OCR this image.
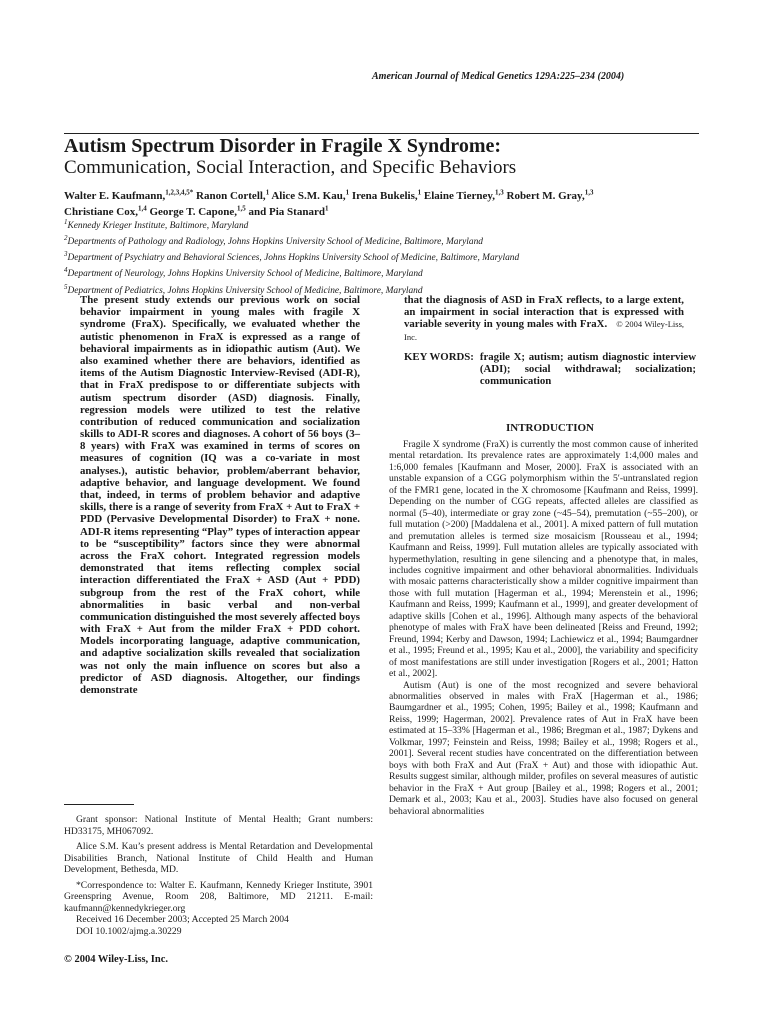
American Journal of Medical Genetics 129A:225–234 (2004)
Autism Spectrum Disorder in Fragile X Syndrome:
Communication, Social Interaction, and Specific Behaviors
Walter E. Kaufmann,$^{1,2,3,4,5*}$ Ranon Cortell,$^1$ Alice S.M. Kau,$^1$ Irena Bukelis,$^1$ Elaine Tierney,$^{1,3}$ Robert M. Gray,$^{1,3}$
Christiane Cox,$^{1,4}$ George T. Capone,$^{1,5}$ and Pia Stanard$^1$
$^1$Kennedy Krieger Institute, Baltimore, Maryland
$^2$Departments of Pathology and Radiology, Johns Hopkins University School of Medicine, Baltimore, Maryland
$^3$Department of Psychiatry and Behavioral Sciences, Johns Hopkins University School of Medicine, Baltimore, Maryland
$^4$Department of Neurology, Johns Hopkins University School of Medicine, Baltimore, Maryland
$^5$Department of Pediatrics, Johns Hopkins University School of Medicine, Baltimore, Maryland
The present study extends our previous work on social behavior impairment in young males with fragile X syndrome (FraX). Specifically, we evaluated whether the autistic phenomenon in FraX is expressed as a range of behavioral impairments as in idiopathic autism (Aut). We also examined whether there are behaviors, identified as items of the Autism Diagnostic Interview-Revised (ADI-R), that in FraX predispose to or differentiate subjects with autism spectrum disorder (ASD) diagnosis. Finally, regression models were utilized to test the relative contribution of reduced communication and socialization skills to ADI-R scores and diagnoses. A cohort of 56 boys (3–8 years) with FraX was examined in terms of scores on measures of cognition (IQ was a co-variate in most analyses.), autistic behavior, problem/aberrant behavior, adaptive behavior, and language development. We found that, indeed, in terms of problem behavior and adaptive skills, there is a range of severity from FraX + Aut to FraX + PDD (Pervasive Developmental Disorder) to FraX + none. ADI-R items representing “Play” types of interaction appear to be “susceptibility” factors since they were abnormal across the FraX cohort. Integrated regression models demonstrated that items reflecting complex social interaction differentiated the FraX + ASD (Aut + PDD) subgroup from the rest of the FraX cohort, while abnormalities in basic verbal and non-verbal communication distinguished the most severely affected boys with FraX + Aut from the milder FraX + PDD cohort. Models incorporating language, adaptive communication, and adaptive socialization skills revealed that socialization was not only the main influence on scores but also a predictor of ASD diagnosis. Altogether, our findings demonstrate
that the diagnosis of ASD in FraX reflects, to a large extent, an impairment in social interaction that is expressed with variable severity in young males with FraX. © 2004 Wiley-Liss, Inc.
KEY WORDS:	fragile X; autism; autism diagnostic interview (ADI); social withdrawal; socialization; communication
INTRODUCTION

Fragile X syndrome (FraX) is currently the most common cause of inherited mental retardation. Its prevalence rates are approximately 1:4,000 males and 1:6,000 females [Kaufmann and Moser, 2000]. FraX is associated with an unstable expansion of a CGG polymorphism within the 5′-untranslated region of the FMR1 gene, located in the X chromosome [Kaufmann and Reiss, 1999]. Depending on the number of CGG repeats, affected alleles are classified as normal (5–40), intermediate or gray zone (~45–54), premutation (~55–200), or full mutation (>200) [Maddalena et al., 2001]. A mixed pattern of full mutation and premutation alleles is termed size mosaicism [Rousseau et al., 1994; Kaufmann and Reiss, 1999]. Full mutation alleles are typically associated with hypermethylation, resulting in gene silencing and a phenotype that, in males, includes cognitive impairment and other behavioral abnormalities. Individuals with mosaic patterns characteristically show a milder cognitive impairment than those with full mutation [Hagerman et al., 1994; Merenstein et al., 1996; Kaufmann and Reiss, 1999; Kaufmann et al., 1999], and greater development of adaptive skills [Cohen et al., 1996]. Although many aspects of the behavioral phenotype of males with FraX have been delineated [Reiss and Freund, 1992; Freund, 1994; Kerby and Dawson, 1994; Lachiewicz et al., 1994; Baumgardner et al., 1995; Freund et al., 1995; Kau et al., 2000], the variability and specificity of most manifestations are still under investigation [Rogers et al., 2001; Hatton et al., 2002].

Autism (Aut) is one of the most recognized and severe behavioral abnormalities observed in males with FraX [Hagerman et al., 1986; Baumgardner et al., 1995; Cohen, 1995; Bailey et al., 1998; Kaufmann and Reiss, 1999; Hagerman, 2002]. Prevalence rates of Aut in FraX have been estimated at 15–33% [Hagerman et al., 1986; Bregman et al., 1987; Dykens and Volkmar, 1997; Feinstein and Reiss, 1998; Bailey et al., 1998; Rogers et al., 2001]. Several recent studies have concentrated on the differentiation between boys with both FraX and Aut (FraX + Aut) and those with idiopathic Aut. Results suggest similar, although milder, profiles on several measures of autistic behavior in the FraX + Aut group [Bailey et al., 1998; Rogers et al., 2001; Demark et al., 2003; Kau et al., 2003]. Studies have also focused on general behavioral abnormalities

Grant sponsor: National Institute of Mental Health; Grant numbers: HD33175, MH067092.

Alice S.M. Kau’s present address is Mental Retardation and Developmental Disabilities Branch, National Institute of Child Health and Human Development, Bethesda, MD.

*Correspondence to: Walter E. Kaufmann, Kennedy Krieger Institute, 3901 Greenspring Avenue, Room 208, Baltimore, MD 21211. E-mail: kaufmann@kennedykrieger.org

Received 16 December 2003; Accepted 25 March 2004

DOI 10.1002/ajmg.a.30229

© 2004 Wiley-Liss, Inc.
